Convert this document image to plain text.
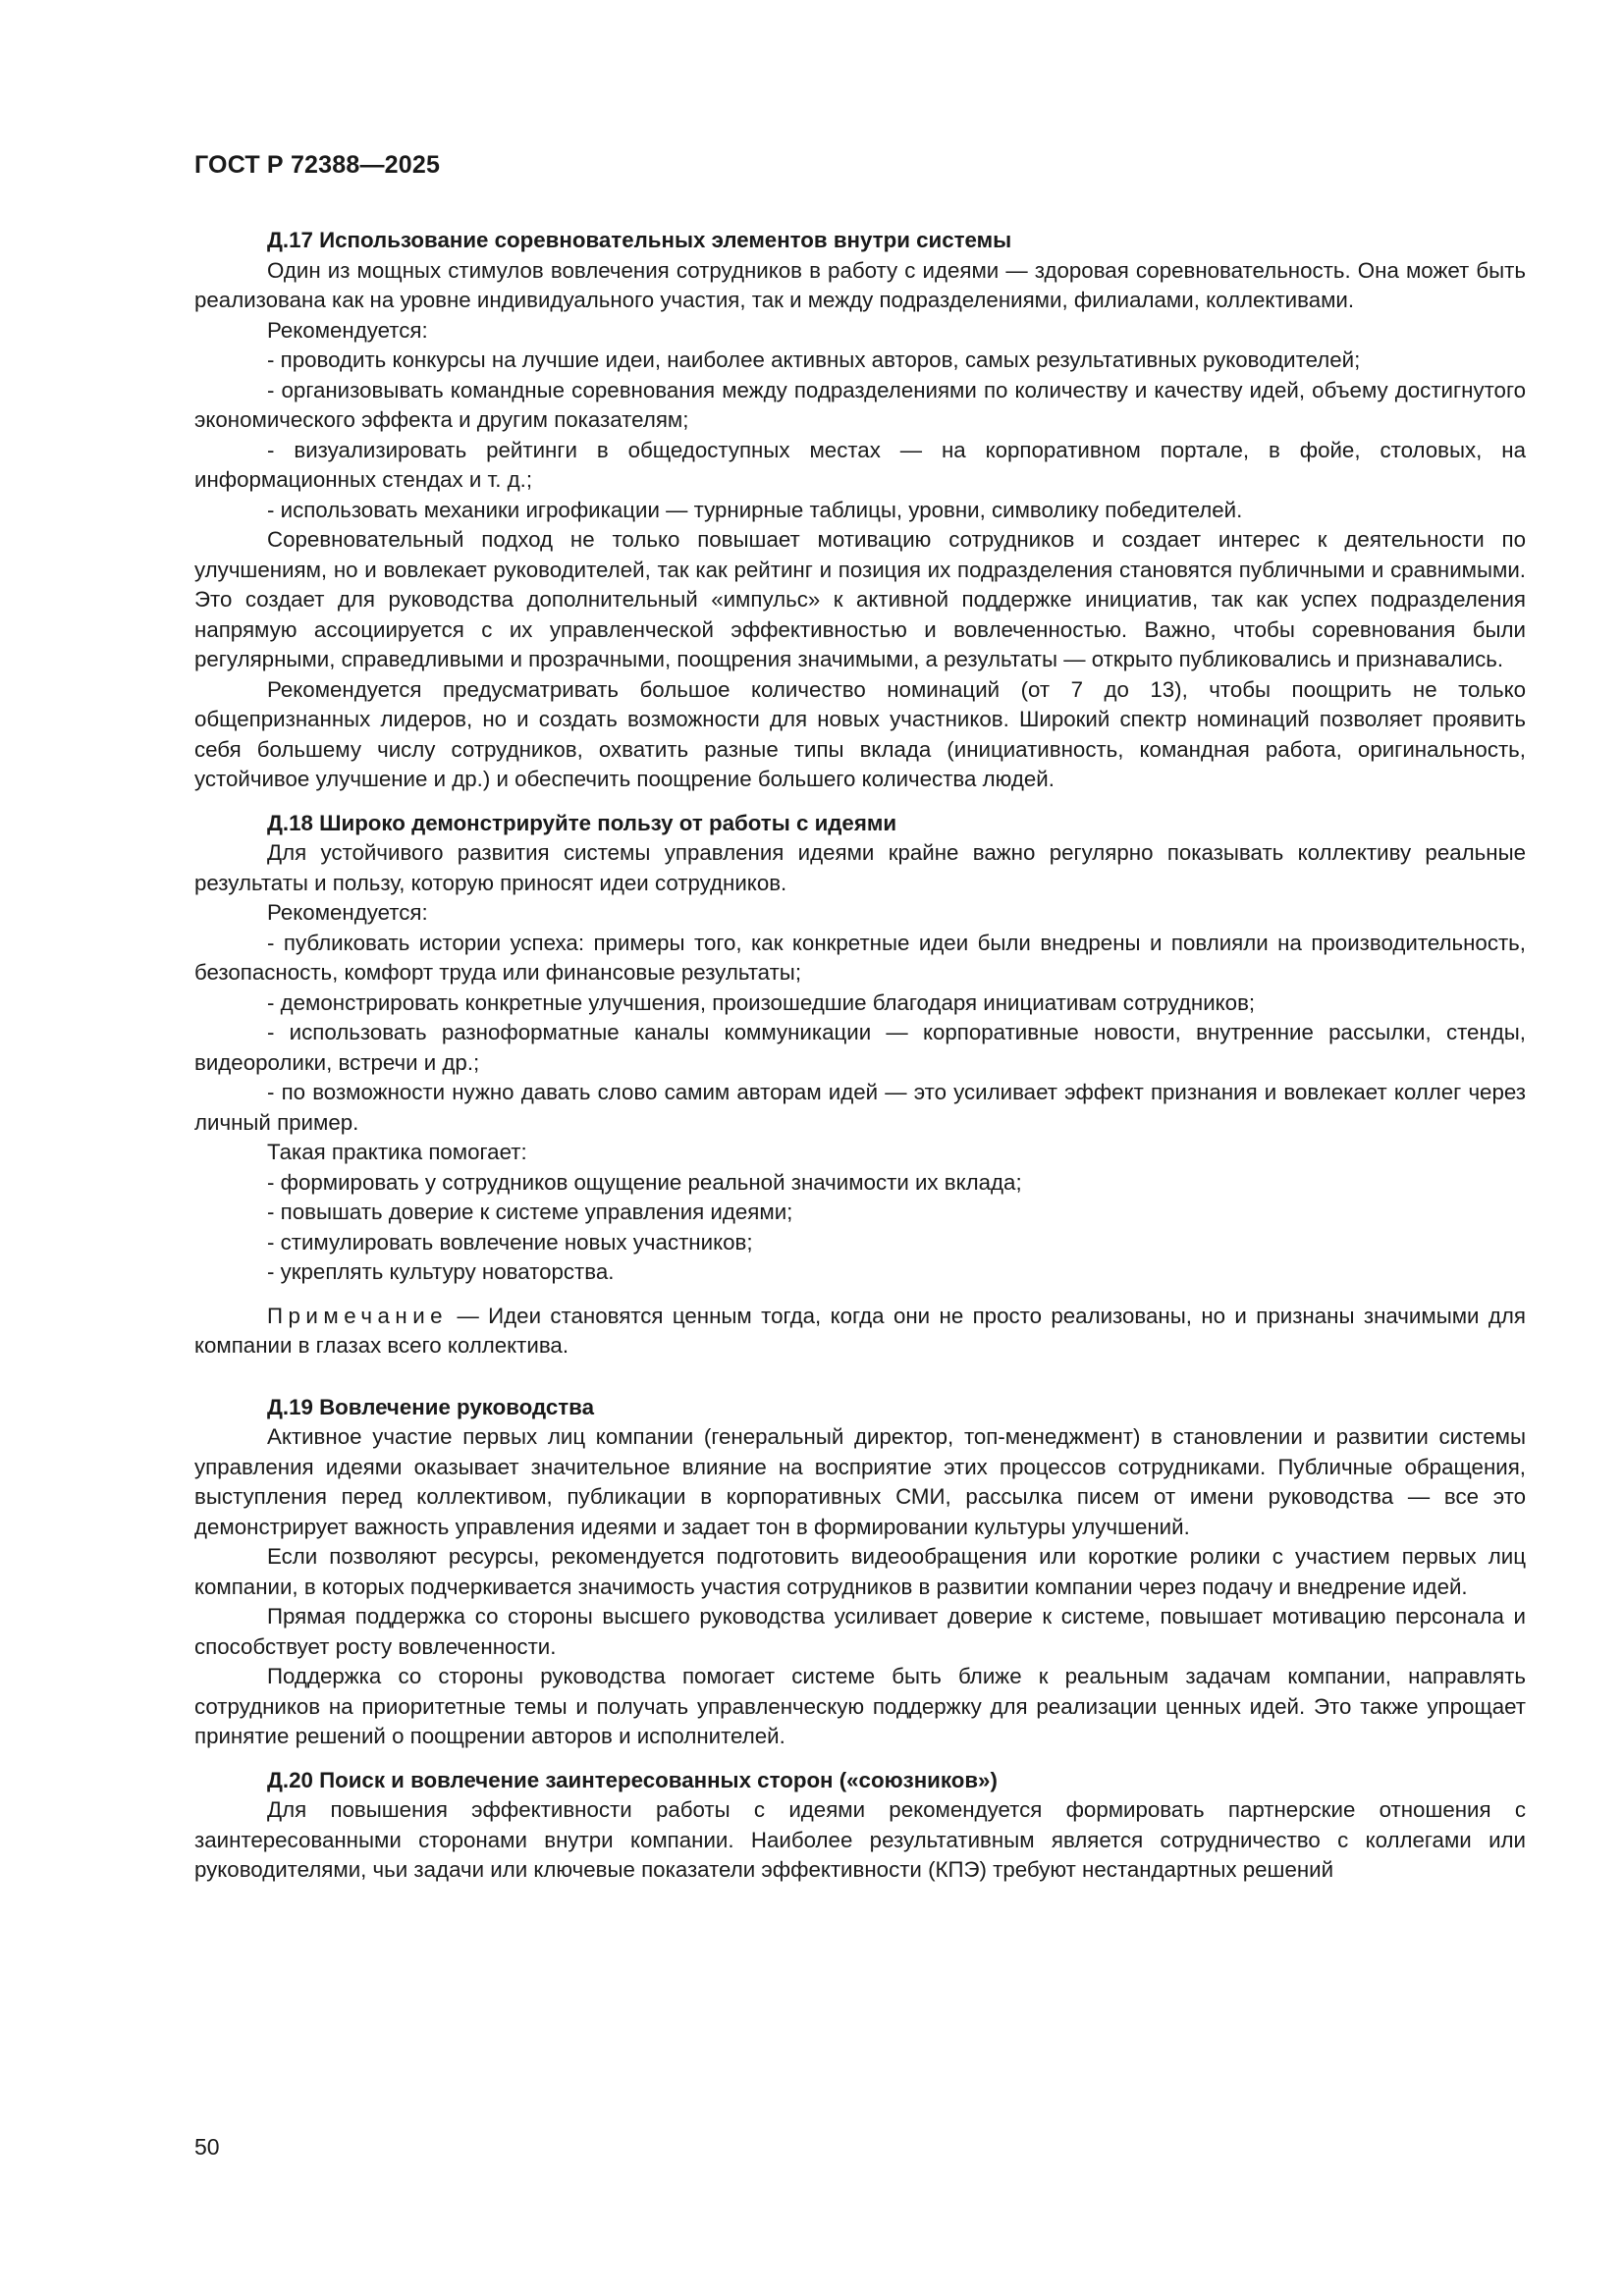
ГОСТ Р 72388—2025
Д.17 Использование соревновательных элементов внутри системы

Один из мощных стимулов вовлечения сотрудников в работу с идеями — здоровая соревновательность. Она может быть реализована как на уровне индивидуального участия, так и между подразделениями, филиалами, коллективами.

Рекомендуется:

- проводить конкурсы на лучшие идеи, наиболее активных авторов, самых результативных руководителей;

- организовывать командные соревнования между подразделениями по количеству и качеству идей, объему достигнутого экономического эффекта и другим показателям;

- визуализировать рейтинги в общедоступных местах — на корпоративном портале, в фойе, столовых, на информационных стендах и т. д.;

- использовать механики игрофикации — турнирные таблицы, уровни, символику победителей.

Соревновательный подход не только повышает мотивацию сотрудников и создает интерес к деятельности по улучшениям, но и вовлекает руководителей, так как рейтинг и позиция их подразделения становятся публичными и сравнимыми. Это создает для руководства дополнительный «импульс» к активной поддержке инициатив, так как успех подразделения напрямую ассоциируется с их управленческой эффективностью и вовлеченностью. Важно, чтобы соревнования были регулярными, справедливыми и прозрачными, поощрения значимыми, а результаты — открыто публиковались и признавались.

Рекомендуется предусматривать большое количество номинаций (от 7 до 13), чтобы поощрить не только общепризнанных лидеров, но и создать возможности для новых участников. Широкий спектр номинаций позволяет проявить себя большему числу сотрудников, охватить разные типы вклада (инициативность, командная работа, оригинальность, устойчивое улучшение и др.) и обеспечить поощрение большего количества людей.

Д.18 Широко демонстрируйте пользу от работы с идеями

Для устойчивого развития системы управления идеями крайне важно регулярно показывать коллективу реальные результаты и пользу, которую приносят идеи сотрудников.

Рекомендуется:

- публиковать истории успеха: примеры того, как конкретные идеи были внедрены и повлияли на производительность, безопасность, комфорт труда или финансовые результаты;

- демонстрировать конкретные улучшения, произошедшие благодаря инициативам сотрудников;

- использовать разноформатные каналы коммуникации — корпоративные новости, внутренние рассылки, стенды, видеоролики, встречи и др.;

- по возможности нужно давать слово самим авторам идей — это усиливает эффект признания и вовлекает коллег через личный пример.

Такая практика помогает:

- формировать у сотрудников ощущение реальной значимости их вклада;

- повышать доверие к системе управления идеями;

- стимулировать вовлечение новых участников;

- укреплять культуру новаторства.

Примечание — Идеи становятся ценным тогда, когда они не просто реализованы, но и признаны значимыми для компании в глазах всего коллектива.

Д.19 Вовлечение руководства

Активное участие первых лиц компании (генеральный директор, топ-менеджмент) в становлении и развитии системы управления идеями оказывает значительное влияние на восприятие этих процессов сотрудниками. Публичные обращения, выступления перед коллективом, публикации в корпоративных СМИ, рассылка писем от имени руководства — все это демонстрирует важность управления идеями и задает тон в формировании культуры улучшений.

Если позволяют ресурсы, рекомендуется подготовить видеообращения или короткие ролики с участием первых лиц компании, в которых подчеркивается значимость участия сотрудников в развитии компании через подачу и внедрение идей.

Прямая поддержка со стороны высшего руководства усиливает доверие к системе, повышает мотивацию персонала и способствует росту вовлеченности.

Поддержка со стороны руководства помогает системе быть ближе к реальным задачам компании, направлять сотрудников на приоритетные темы и получать управленческую поддержку для реализации ценных идей. Это также упрощает принятие решений о поощрении авторов и исполнителей.

Д.20 Поиск и вовлечение заинтересованных сторон («союзников»)

Для повышения эффективности работы с идеями рекомендуется формировать партнерские отношения с заинтересованными сторонами внутри компании. Наиболее результативным является сотрудничество с коллегами или руководителями, чьи задачи или ключевые показатели эффективности (КПЭ) требуют нестандартных решений

50
